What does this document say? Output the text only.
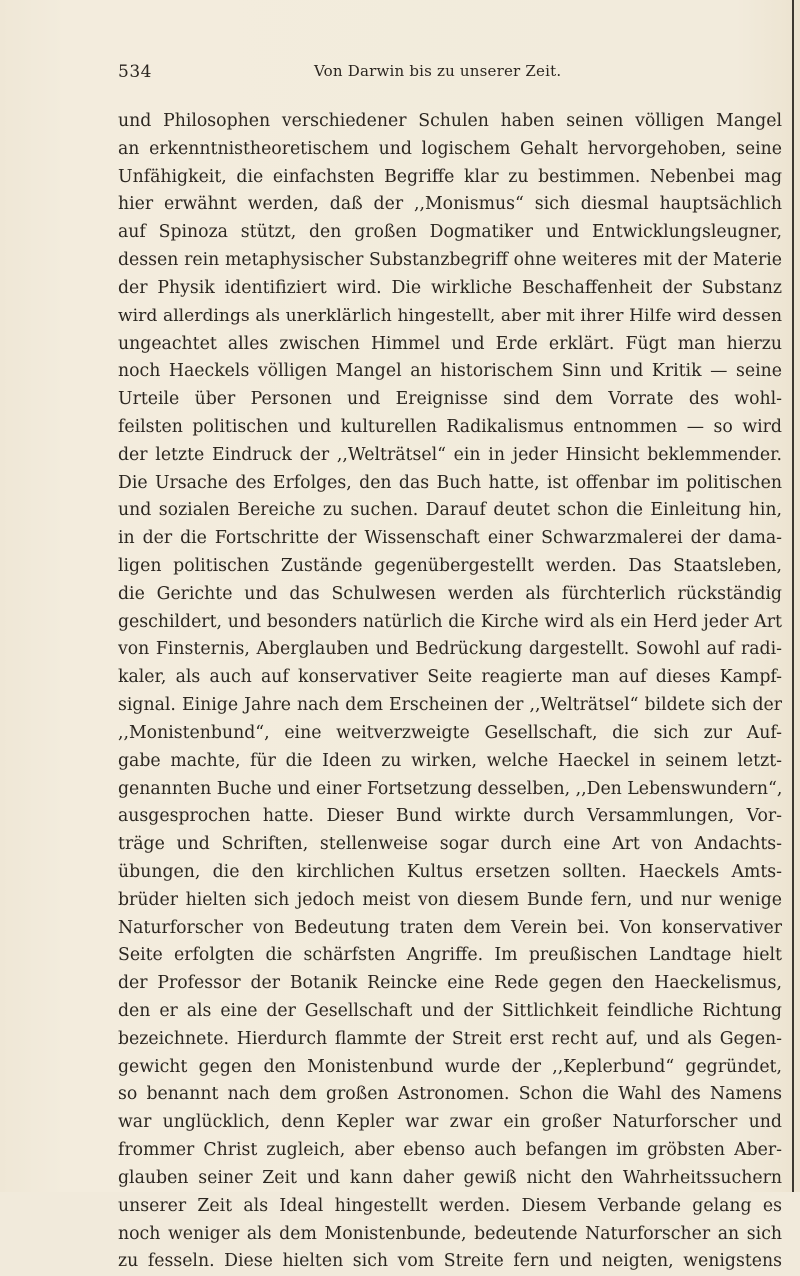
534	Von Darwin bis zu unserer Zeit.
und Philosophen verschiedener Schulen haben seinen völligen Mangel
an erkenntnistheoretischem und logischem Gehalt hervorgehoben, seine
Unfähigkeit, die einfachsten Begriffe klar zu bestimmen. Nebenbei mag
hier erwähnt werden, daß der ,,Monismus“ sich diesmal hauptsächlich
auf Spinoza stützt, den großen Dogmatiker und Entwicklungsleugner,
dessen rein metaphysischer Substanzbegriff ohne weiteres mit der Materie
der Physik identifiziert wird. Die wirkliche Beschaffenheit der Substanz
wird allerdings als unerklärlich hingestellt, aber mit ihrer Hilfe wird dessen
ungeachtet alles zwischen Himmel und Erde erklärt. Fügt man hierzu
noch Haeckels völligen Mangel an historischem Sinn und Kritik — seine
Urteile über Personen und Ereignisse sind dem Vorrate des wohl-
feilsten politischen und kulturellen Radikalismus entnommen — so wird
der letzte Eindruck der ,,Welträtsel“ ein in jeder Hinsicht beklemmender.
Die Ursache des Erfolges, den das Buch hatte, ist offenbar im politischen
und sozialen Bereiche zu suchen. Darauf deutet schon die Einleitung hin,
in der die Fortschritte der Wissenschaft einer Schwarzmalerei der dama-
ligen politischen Zustände gegenübergestellt werden. Das Staatsleben,
die Gerichte und das Schulwesen werden als fürchterlich rückständig
geschildert, und besonders natürlich die Kirche wird als ein Herd jeder Art
von Finsternis, Aberglauben und Bedrückung dargestellt. Sowohl auf radi-
kaler, als auch auf konservativer Seite reagierte man auf dieses Kampf-
signal. Einige Jahre nach dem Erscheinen der ,,Welträtsel“ bildete sich der
,,Monistenbund“, eine weitverzweigte Gesellschaft, die sich zur Auf-
gabe machte, für die Ideen zu wirken, welche Haeckel in seinem letzt-
genannten Buche und einer Fortsetzung desselben, ,,Den Lebenswundern“,
ausgesprochen hatte. Dieser Bund wirkte durch Versammlungen, Vor-
träge und Schriften, stellenweise sogar durch eine Art von Andachts-
übungen, die den kirchlichen Kultus ersetzen sollten. Haeckels Amts-
brüder hielten sich jedoch meist von diesem Bunde fern, und nur wenige
Naturforscher von Bedeutung traten dem Verein bei. Von konservativer
Seite erfolgten die schärfsten Angriffe. Im preußischen Landtage hielt
der Professor der Botanik Reincke eine Rede gegen den Haeckelismus,
den er als eine der Gesellschaft und der Sittlichkeit feindliche Richtung
bezeichnete. Hierdurch flammte der Streit erst recht auf, und als Gegen-
gewicht gegen den Monistenbund wurde der ,,Keplerbund“ gegründet,
so benannt nach dem großen Astronomen. Schon die Wahl des Namens
war unglücklich, denn Kepler war zwar ein großer Naturforscher und
frommer Christ zugleich, aber ebenso auch befangen im gröbsten Aber-
glauben seiner Zeit und kann daher gewiß nicht den Wahrheitssuchern
unserer Zeit als Ideal hingestellt werden. Diesem Verbande gelang es
noch weniger als dem Monistenbunde, bedeutende Naturforscher an sich
zu fesseln. Diese hielten sich vom Streite fern und neigten, wenigstens
